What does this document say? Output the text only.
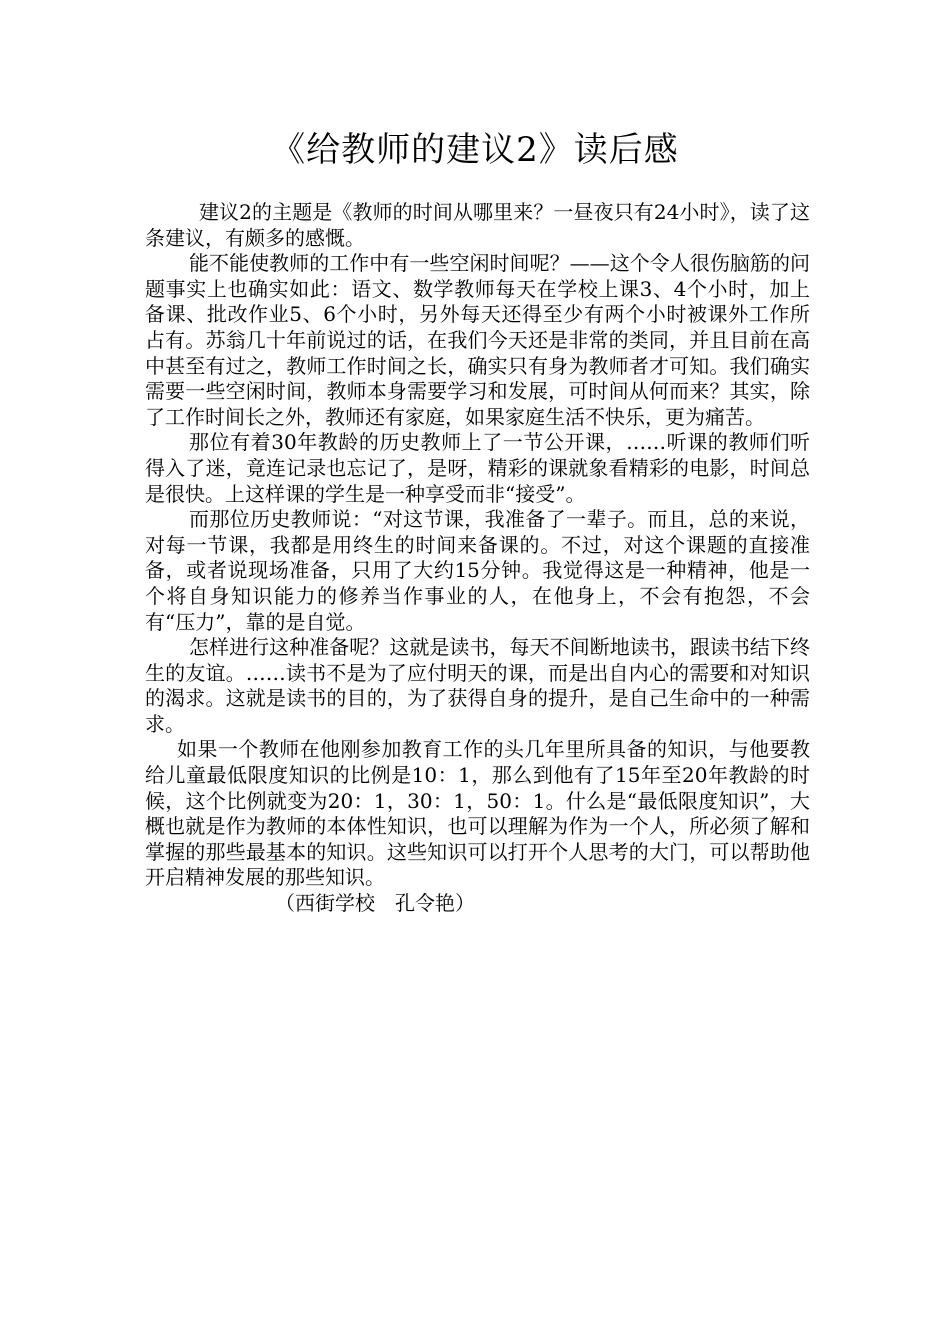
《给教师的建议2》读后感

建议2的主题是《教师的时间从哪里来？一昼夜只有24小时》，读了这条建议，有颇多的感慨。

能不能使教师的工作中有一些空闲时间呢？——这个令人很伤脑筋的问题事实上也确实如此：语文、数学教师每天在学校上课3、4个小时，加上备课、批改作业5、6个小时，另外每天还得至少有两个小时被课外工作所占有。苏翁几十年前说过的话，在我们今天还是非常的类同，并且目前在高中甚至有过之，教师工作时间之长，确实只有身为教师者才可知。我们确实需要一些空闲时间，教师本身需要学习和发展，可时间从何而来？其实，除了工作时间长之外，教师还有家庭，如果家庭生活不快乐，更为痛苦。

那位有着30年教龄的历史教师上了一节公开课，……听课的教师们听得入了迷，竟连记录也忘记了，是呀，精彩的课就象看精彩的电影，时间总是很快。上这样课的学生是一种享受而非“接受”。

而那位历史教师说：“对这节课，我准备了一辈子。而且，总的来说，对每一节课，我都是用终生的时间来备课的。不过，对这个课题的直接准备，或者说现场准备，只用了大约15分钟。我觉得这是一种精神，他是一个将自身知识能力的修养当作事业的人，在他身上，不会有抱怨，不会有“压力”，靠的是自觉。

怎样进行这种准备呢？这就是读书，每天不间断地读书，跟读书结下终生的友谊。……读书不是为了应付明天的课，而是出自内心的需要和对知识的渴求。这就是读书的目的，为了获得自身的提升，是自己生命中的一种需求。

如果一个教师在他刚参加教育工作的头几年里所具备的知识，与他要教给儿童最低限度知识的比例是10：1，那么到他有了15年至20年教龄的时候，这个比例就变为20：1，30：1，50：1。什么是“最低限度知识”，大概也就是作为教师的本体性知识，也可以理解为作为一个人，所必须了解和掌握的那些最基本的知识。这些知识可以打开个人思考的大门，可以帮助他开启精神发展的那些知识。

（西街学校　孔令艳）
